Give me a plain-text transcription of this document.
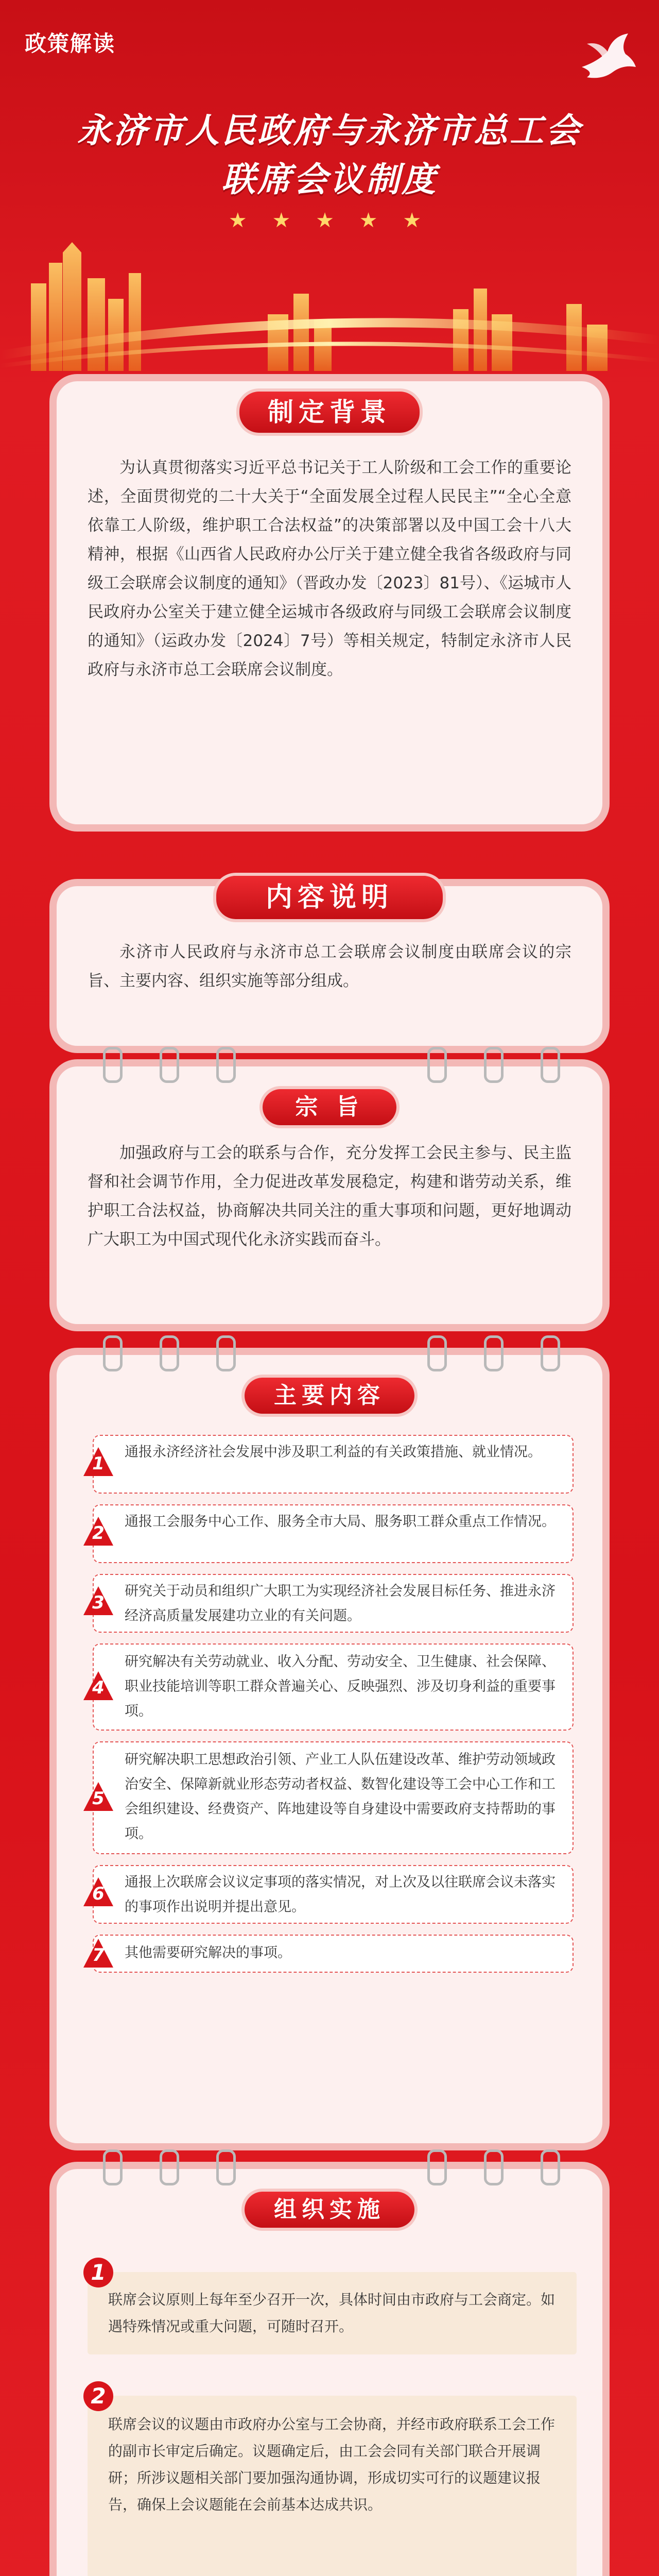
政策解读
永济市人民政府与永济市总工会
联席会议制度
★ ★ ★ ★ ★
制定背景
为认真贯彻落实习近平总书记关于工人阶级和工会工作的重要论述，全面贯彻党的二十大关于“全面发展全过程人民民主”“全心全意依靠工人阶级，维护职工合法权益”的决策部署以及中国工会十八大精神，根据《山西省人民政府办公厅关于建立健全我省各级政府与同级工会联席会议制度的通知》（晋政办发〔2023〕81号）、《运城市人民政府办公室关于建立健全运城市各级政府与同级工会联席会议制度的通知》（运政办发〔2024〕7号）等相关规定，特制定永济市人民政府与永济市总工会联席会议制度。
内容说明
永济市人民政府与永济市总工会联席会议制度由联席会议的宗旨、主要内容、组织实施等部分组成。
宗 旨
加强政府与工会的联系与合作，充分发挥工会民主参与、民主监督和社会调节作用，全力促进改革发展稳定，构建和谐劳动关系，维护职工合法权益，协商解决共同关注的重大事项和问题，更好地调动广大职工为中国式现代化永济实践而奋斗。
主要内容
1
通报永济经济社会发展中涉及职工利益的有关政策措施、就业情况。
2
通报工会服务中心工作、服务全市大局、服务职工群众重点工作情况。
3
研究关于动员和组织广大职工为实现经济社会发展目标任务、推进永济经济高质量发展建功立业的有关问题。
4
研究解决有关劳动就业、收入分配、劳动安全、卫生健康、社会保障、职业技能培训等职工群众普遍关心、反映强烈、涉及切身利益的重要事项。
5
研究解决职工思想政治引领、产业工人队伍建设改革、维护劳动领域政治安全、保障新就业形态劳动者权益、数智化建设等工会中心工作和工会组织建设、经费资产、阵地建设等自身建设中需要政府支持帮助的事项。
6
通报上次联席会议议定事项的落实情况，对上次及以往联席会议未落实的事项作出说明并提出意见。
7	其他需要研究解决的事项。
组织实施
1
联席会议原则上每年至少召开一次，具体时间由市政府与工会商定。如遇特殊情况或重大问题，可随时召开。
2
联席会议的议题由市政府办公室与工会协商，并经市政府联系工会工作的副市长审定后确定。议题确定后，由工会会同有关部门联合开展调研；所涉议题相关部门要加强沟通协调，形成切实可行的议题建议报告，确保上会议题能在会前基本达成共识。
